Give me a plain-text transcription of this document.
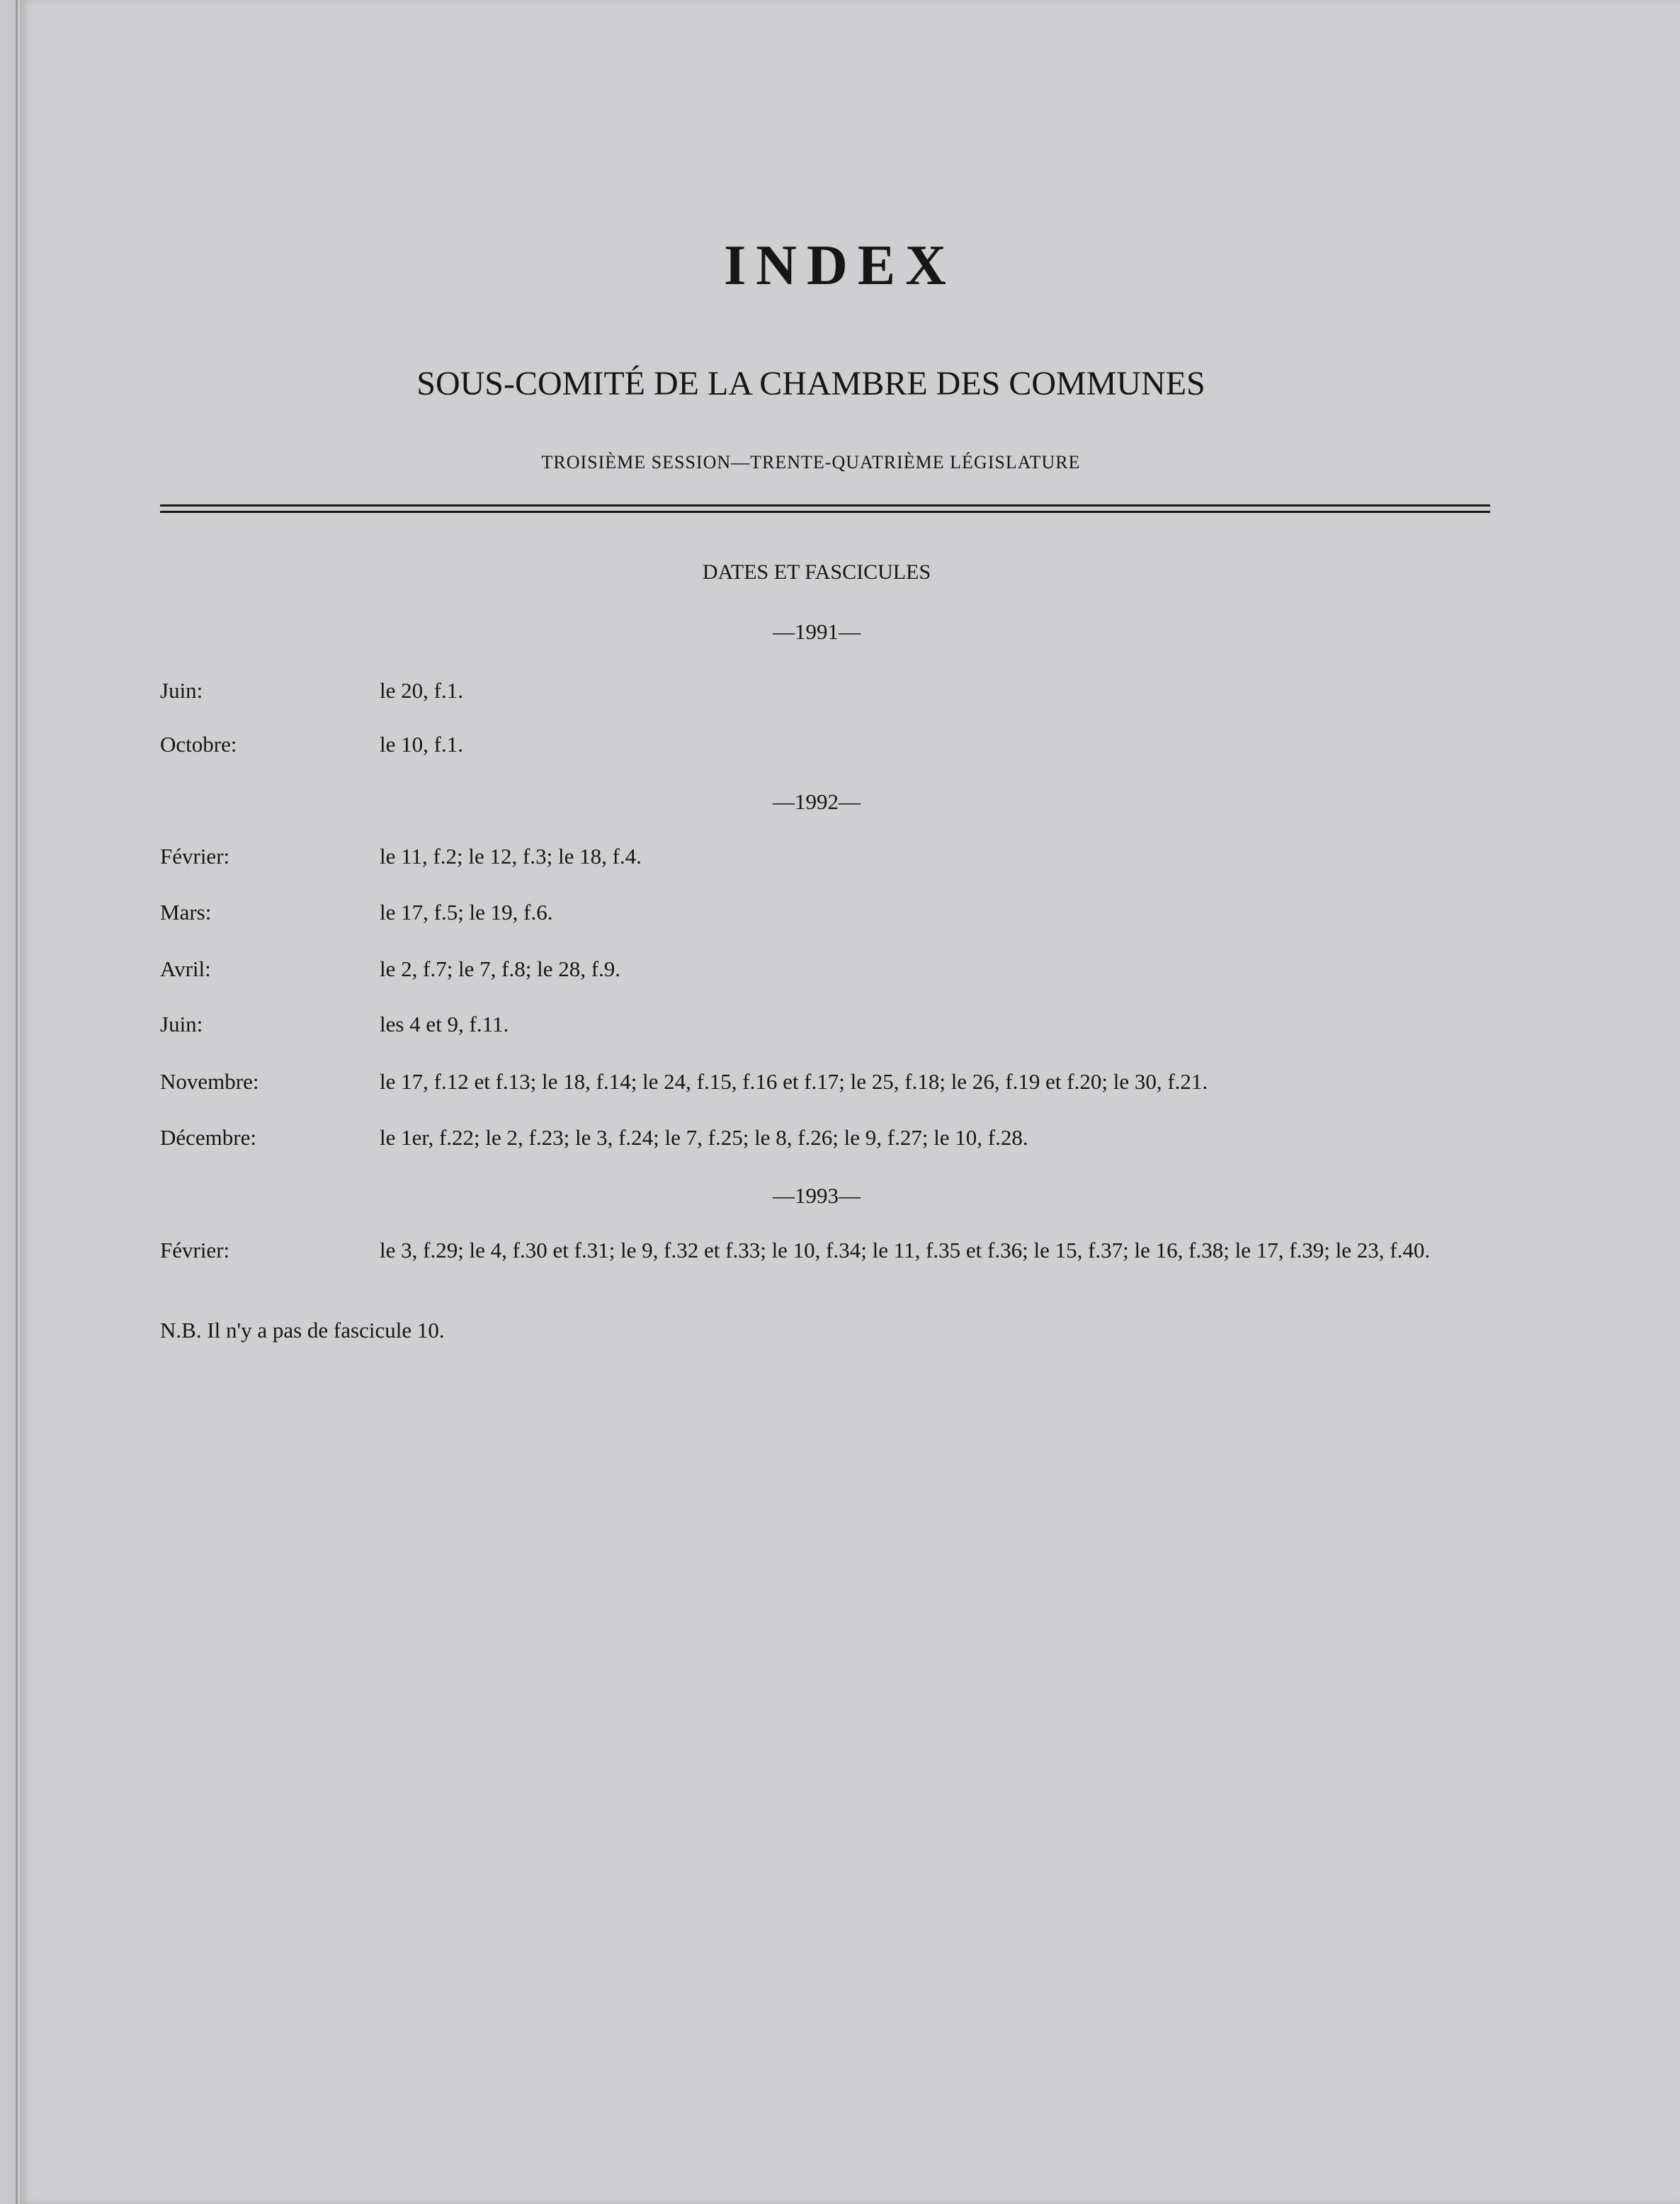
INDEX
SOUS-COMITÉ DE LA CHAMBRE DES COMMUNES
TROISIÈME SESSION—TRENTE-QUATRIÈME LÉGISLATURE
DATES ET FASCICULES
—1991—
Juin:	le 20, f.1.
Octobre:	le 10, f.1.
—1992—
Février:	le 11, f.2; le 12, f.3; le 18, f.4.
Mars:	le 17, f.5; le 19, f.6.
Avril:	le 2, f.7; le 7, f.8; le 28, f.9.
Juin:	les 4 et 9, f.11.
Novembre:	le 17, f.12 et f.13; le 18, f.14; le 24, f.15, f.16 et f.17; le 25, f.18; le 26, f.19 et f.20; le 30, f.21.
Décembre:	le 1er, f.22; le 2, f.23; le 3, f.24; le 7, f.25; le 8, f.26; le 9, f.27; le 10, f.28.
—1993—
Février:	le 3, f.29; le 4, f.30 et f.31; le 9, f.32 et f.33; le 10, f.34; le 11, f.35 et f.36; le 15, f.37; le 16, f.38; le 17, f.39; le 23, f.40.
N.B. Il n'y a pas de fascicule 10.
